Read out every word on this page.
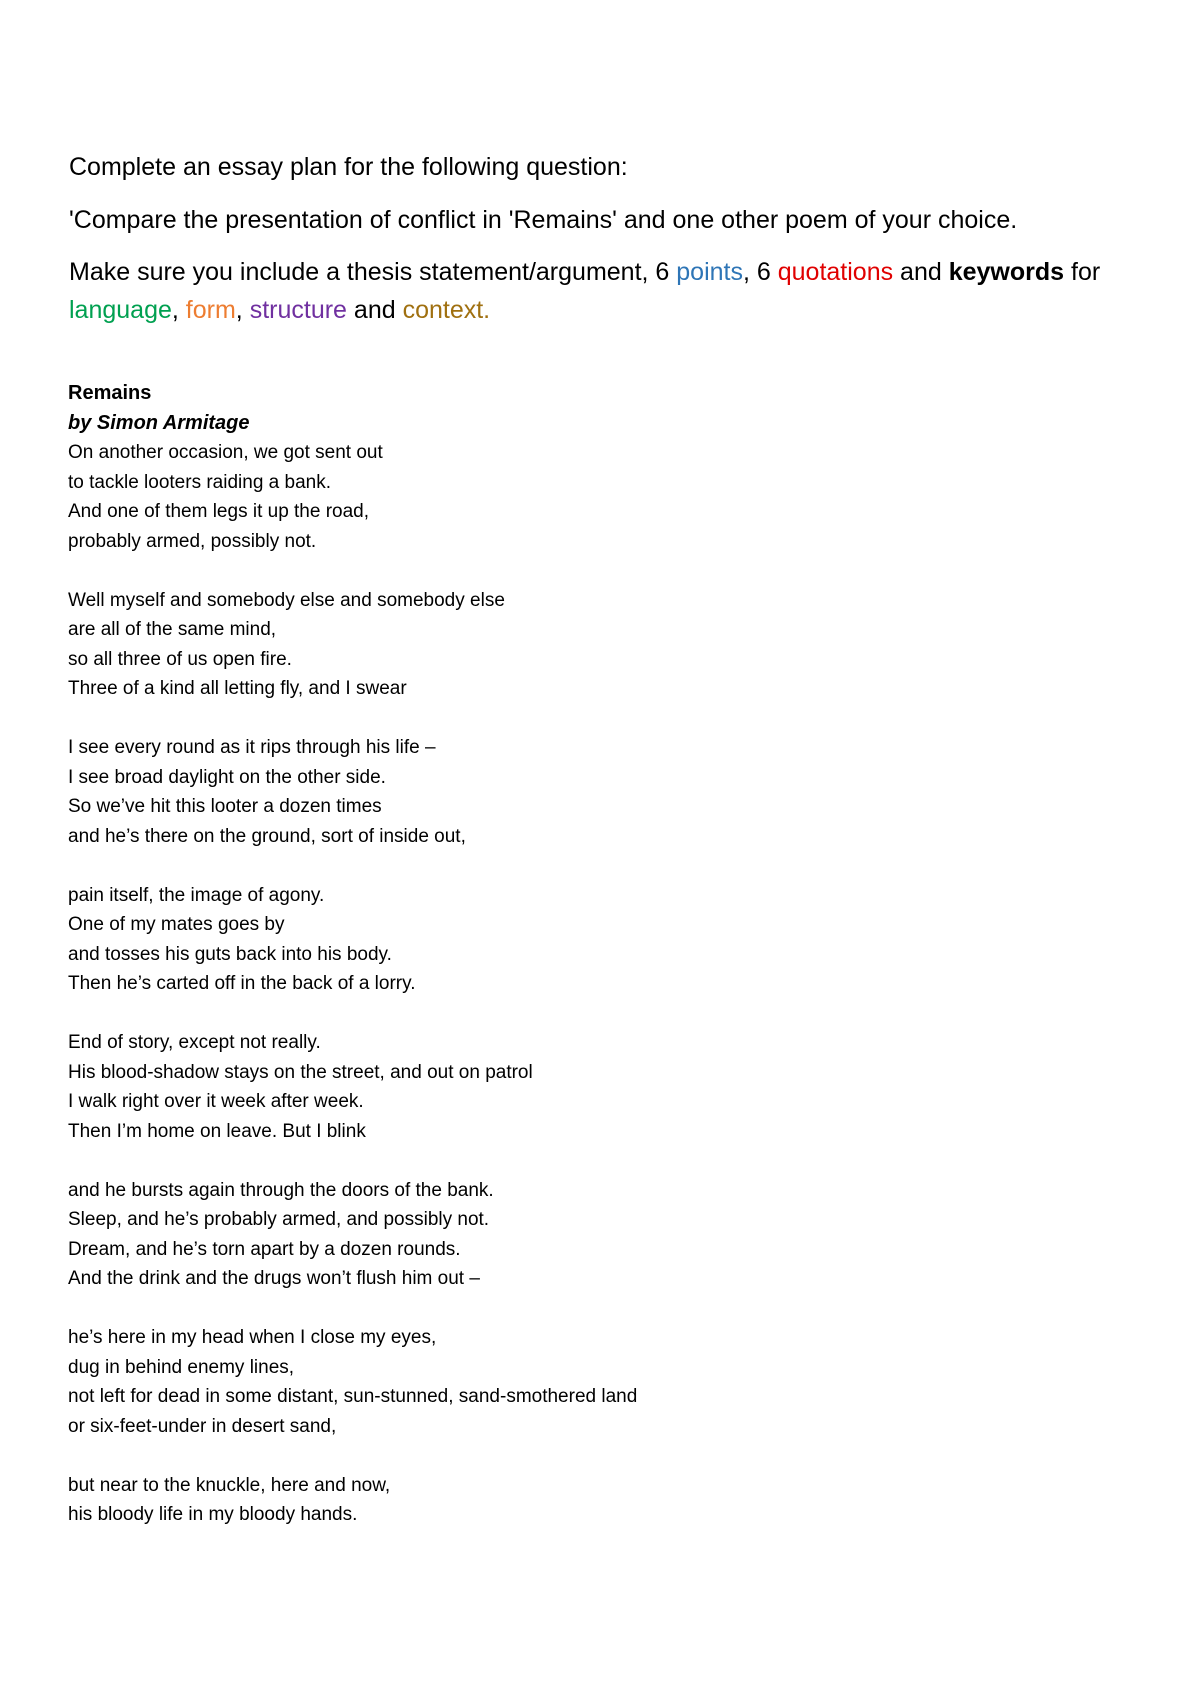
Complete an essay plan for the following question:
'Compare the presentation of conflict in 'Remains' and one other poem of your choice.
Make sure you include a thesis statement/argument, 6 points, 6 quotations and keywords for language, form, structure and context.
Remains
by Simon Armitage
On another occasion, we got sent out
to tackle looters raiding a bank.
And one of them legs it up the road,
probably armed, possibly not.
Well myself and somebody else and somebody else
are all of the same mind,
so all three of us open fire.
Three of a kind all letting fly, and I swear
I see every round as it rips through his life –
I see broad daylight on the other side.
So we’ve hit this looter a dozen times
and he’s there on the ground, sort of inside out,
pain itself, the image of agony.
One of my mates goes by
and tosses his guts back into his body.
Then he’s carted off in the back of a lorry.
End of story, except not really.
His blood-shadow stays on the street, and out on patrol
I walk right over it week after week.
Then I’m home on leave. But I blink
and he bursts again through the doors of the bank.
Sleep, and he’s probably armed, and possibly not.
Dream, and he’s torn apart by a dozen rounds.
And the drink and the drugs won’t flush him out –
he’s here in my head when I close my eyes,
dug in behind enemy lines,
not left for dead in some distant, sun-stunned, sand-smothered land
or six-feet-under in desert sand,
but near to the knuckle, here and now,
his bloody life in my bloody hands.
